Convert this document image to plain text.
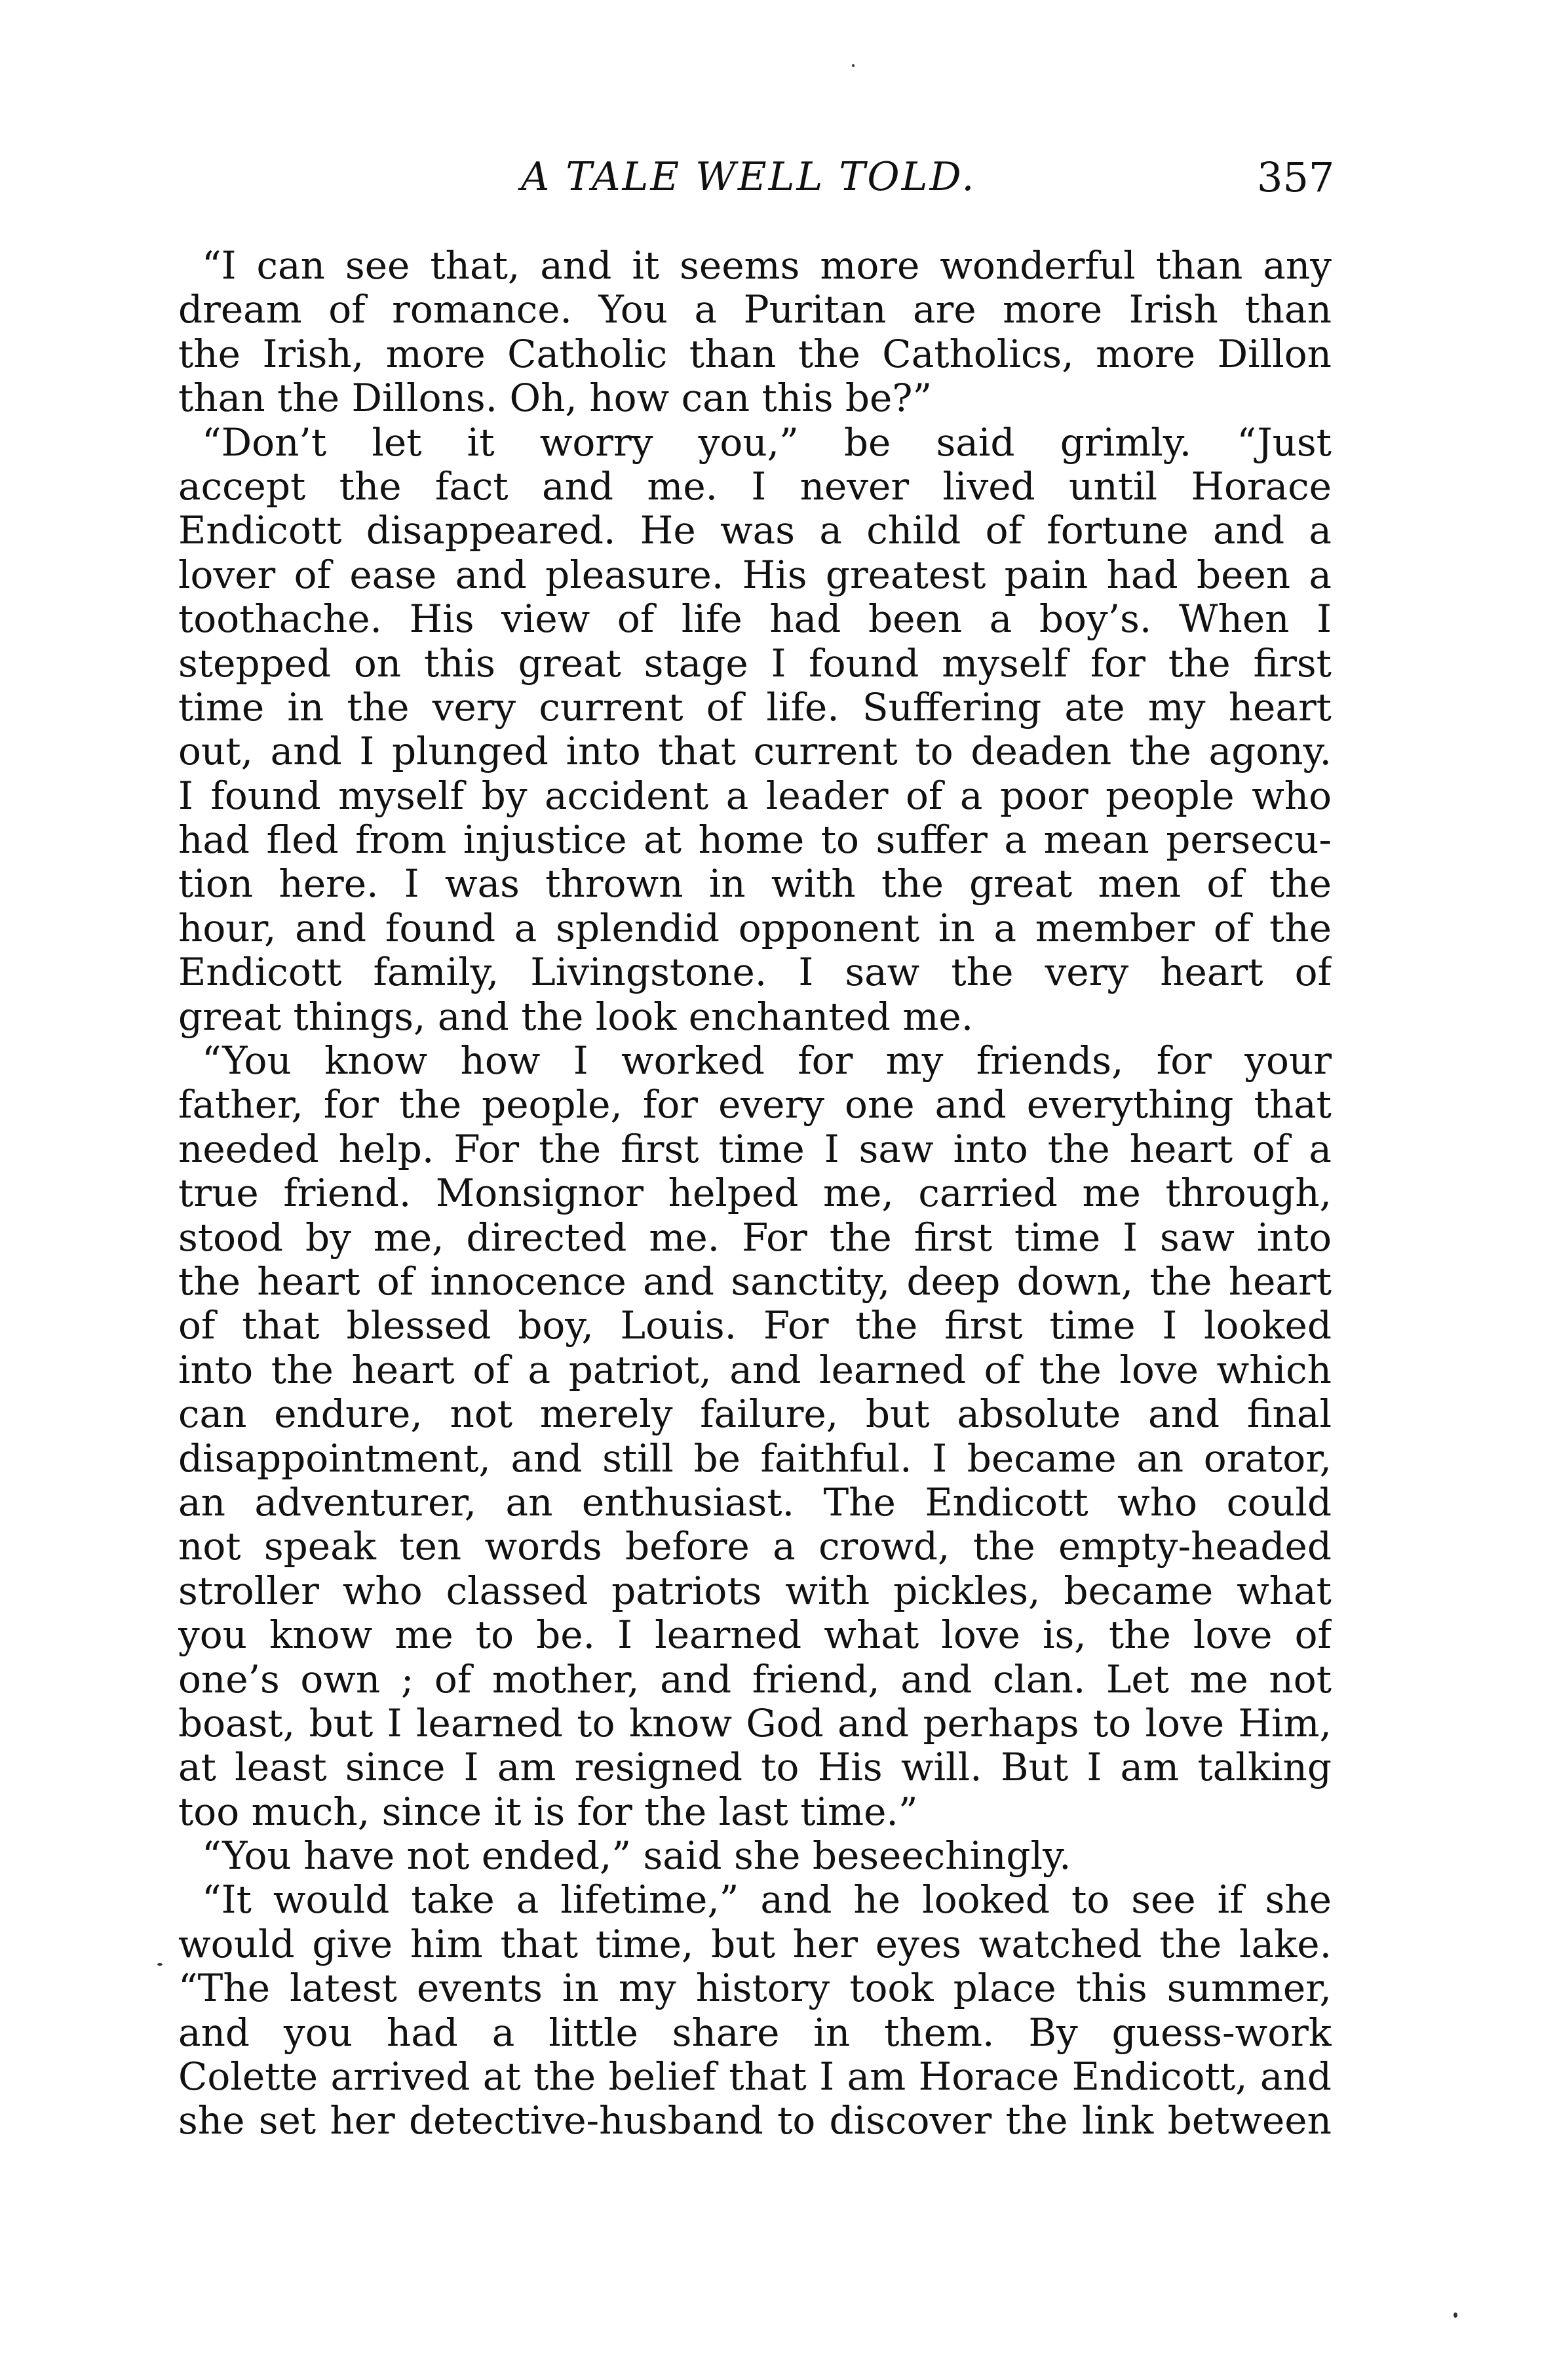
A TALE WELL TOLD.	357
“I can see that, and it seems more wonderful than any
dream of romance. You a Puritan are more Irish than
the Irish, more Catholic than the Catholics, more Dillon
than the Dillons. Oh, how can this be?”
“Don’t let it worry you,” be said grimly. “Just
accept the fact and me. I never lived until Horace
Endicott disappeared. He was a child of fortune and a
lover of ease and pleasure. His greatest pain had been a
toothache. His view of life had been a boy’s. When I
stepped on this great stage I found myself for the first
time in the very current of life. Suffering ate my heart
out, and I plunged into that current to deaden the agony.
I found myself by accident a leader of a poor people who
had fled from injustice at home to suffer a mean persecu-
tion here. I was thrown in with the great men of the
hour, and found a splendid opponent in a member of the
Endicott family, Livingstone. I saw the very heart of
great things, and the look enchanted me.
“You know how I worked for my friends, for your
father, for the people, for every one and everything that
needed help. For the first time I saw into the heart of a
true friend. Monsignor helped me, carried me through,
stood by me, directed me. For the first time I saw into
the heart of innocence and sanctity, deep down, the heart
of that blessed boy, Louis. For the first time I looked
into the heart of a patriot, and learned of the love which
can endure, not merely failure, but absolute and final
disappointment, and still be faithful. I became an orator,
an adventurer, an enthusiast. The Endicott who could
not speak ten words before a crowd, the empty-headed
stroller who classed patriots with pickles, became what
you know me to be. I learned what love is, the love of
one’s own ; of mother, and friend, and clan. Let me not
boast, but I learned to know God and perhaps to love Him,
at least since I am resigned to His will. But I am talking
too much, since it is for the last time.”
“You have not ended,” said she beseechingly.
“It would take a lifetime,” and he looked to see if she
would give him that time, but her eyes watched the lake.
“The latest events in my history took place this summer,
and you had a little share in them. By guess-work
Colette arrived at the belief that I am Horace Endicott, and
she set her detective-husband to discover the link between
